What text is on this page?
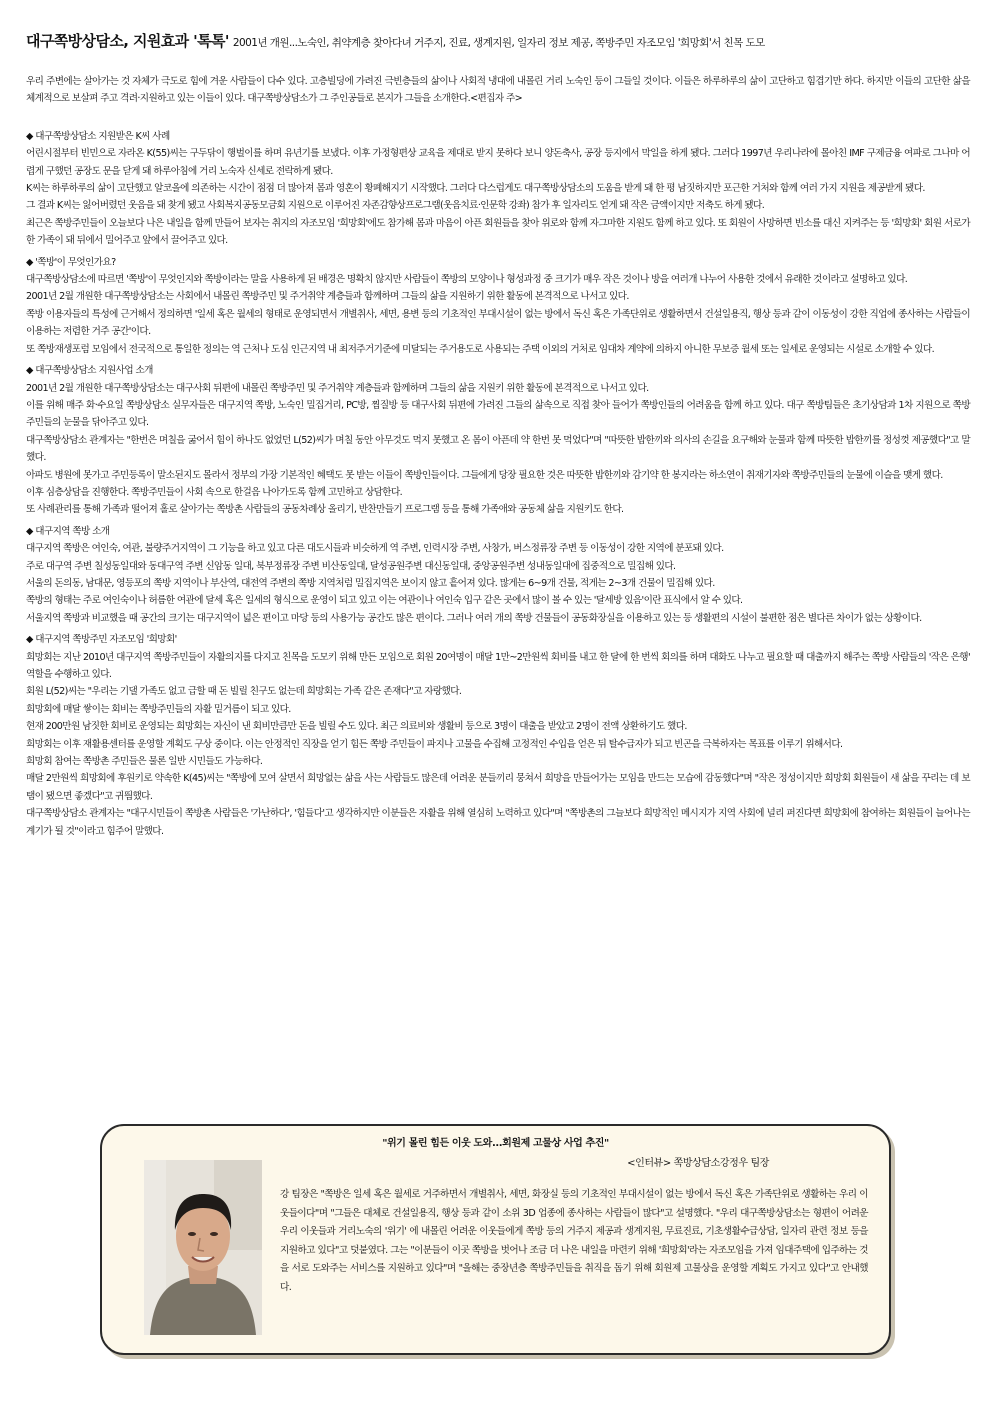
대구쪽방상담소, 지원효과 '톡톡' 2001년 개원...노숙인, 취약계층 찾아다녀 거주지, 진료, 생계지원, 일자리 정보 제공, 쪽방주민 자조모임 '희망회'서 친목 도모

우리 주변에는 살아가는 것 자체가 극도로 힘에 겨운 사람들이 다수 있다. 고층빌딩에 가려진 극빈층들의 삶이나 사회적 냉대에 내몰린 거리 노숙인 등이 그들일 것이다. 이들은 하루하루의 삶이 고단하고 힘겹기만 하다. 하지만 이들의 고단한 삶을 체계적으로 보살펴 주고 격려·지원하고 있는 이들이 있다. 대구쪽방상담소가 그 주인공들로 본지가 그들을 소개한다.<편집자 주>

◆ 대구쪽방상담소 지원받은 K씨 사례

어린시절부터 빈민으로 자라온 K(55)씨는 구두닦이 행벌이를 하며 유년기를 보냈다. 이후 가정형편상 교육을 제대로 받지 못하다 보니 양돈축사, 공장 등지에서 막일을 하게 됐다. 그러다 1997년 우리나라에 몰아친 IMF 구제금융 여파로 그나마 어렵게 구했던 공장도 문을 닫게 돼 하루아침에 거리 노숙자 신세로 전락하게 됐다.

K씨는 하루하루의 삶이 고단했고 알코올에 의존하는 시간이 점점 더 많아져 몸과 영혼이 황폐해지기 시작했다. 그러다 다스럽게도 대구쪽방상담소의 도움을 받게 돼 한 평 남짓하지만 포근한 거처와 함께 여러 가지 지원을 제공받게 됐다.

그 결과 K씨는 잃어버렸던 웃음을 돼 찾게 됐고 사회복지공동모금회 지원으로 이루어진 자존감향상프로그램(웃음치료·인문학 강좌) 참가 후 일자리도 얻게 돼 작은 금액이지만 저축도 하게 됐다.

최근은 쪽방주민들이 오늘보다 나은 내일을 함께 만들어 보자는 취지의 자조모임 '희망회'에도 참가해 몸과 마음이 아픈 회원들을 찾아 위로와 함께 자그마한 지원도 함께 하고 있다. 또 회원이 사망하면 빈소를 대신 지켜주는 등 '희망회' 회원 서로가 한 가족이 돼 뒤에서 밀어주고 앞에서 끌어주고 있다.

◆ '쪽방'이 무엇인가요?

대구쪽방상담소에 따르면 '쪽방'이 무엇인지와 쪽방이라는 말을 사용하게 된 배경은 명확치 않지만 사람들이 쪽방의 모양이나 형성과정 중 크기가 매우 작은 것이나 방을 여러개 나누어 사용한 것에서 유래한 것이라고 설명하고 있다.

2001년 2월 개원한 대구쪽방상담소는 사회에서 내몰린 쪽방주민 및 주거취약 계층들과 함께하며 그들의 삶을 지원하기 위한 활동에 본격적으로 나서고 있다.

쪽방 이용자들의 특성에 근거해서 정의하면 '일세 혹은 월세의 형태로 운영되면서 개별취사, 세면, 용변 등의 기초적인 부대시설이 없는 방에서 독신 혹은 가족단위로 생활하면서 건설일용직, 행상 등과 같이 이동성이 강한 직업에 종사하는 사람들이 이용하는 저렴한 거주 공간'이다.

또 쪽방재생포럼 모임에서 전국적으로 통일한 정의는 역 근처나 도심 인근지역 내 최저주거기준에 미달되는 주거용도로 사용되는 주택 이외의 거처로 임대차 계약에 의하지 아니한 무보증 월세 또는 일세로 운영되는 시설로 소개할 수 있다.

◆ 대구쪽방상담소 지원사업 소개

2001년 2월 개원한 대구쪽방상담소는 대구사회 뒤편에 내몰린 쪽방주민 및 주거취약 계층들과 함께하며 그들의 삶을 지원키 위한 활동에 본격적으로 나서고 있다.

이를 위해 매주 화·수요일 쪽방상담소 실무자들은 대구지역 쪽방, 노숙인 밀집거리, PC방, 찜질방 등 대구사회 뒤편에 가려진 그들의 삶속으로 직접 찾아 들어가 쪽방인들의 어려움을 함께 하고 있다. 대구 쪽방팀들은 초기상담과 1차 지원으로 쪽방주민들의 눈물을 닦아주고 있다.

대구쪽방상담소 관계자는 "한번은 며칠을 굶어서 힘이 하나도 없었던 L(52)씨가 며칠 동안 아무것도 먹지 못했고 온 몸이 아픈데 약 한번 못 먹었다"며 "따뜻한 밥한끼와 의사의 손길을 요구해와 눈물과 함께 따뜻한 밥한끼를 정성껏 제공했다"고 말했다.

아파도 병원에 못가고 주민등록이 말소된지도 몰라서 정부의 가장 기본적인 혜택도 못 받는 이들이 쪽방인들이다. 그들에게 당장 필요한 것은 따뜻한 밥한끼와 감기약 한 봉지라는 하소연이 취재기자와 쪽방주민들의 눈물에 이슬을 맺게 했다.

이후 심층상담을 진행한다. 쪽방주민들이 사회 속으로 한걸음 나아가도록 함께 고민하고 상담한다.

또 사례관리를 통해 가족과 떨어져 홀로 살아가는 쪽방촌 사람들의 공동차례상 올리기, 반찬만들기 프로그램 등을 통해 가족애와 공동체 삶을 지원키도 한다.

◆ 대구지역 쪽방 소개

대구지역 쪽방은 여인숙, 여관, 불량주거지역이 그 기능을 하고 있고 다른 대도시들과 비슷하게 역 주변, 인력시장 주변, 사창가, 버스정류장 주변 등 이동성이 강한 지역에 분포돼 있다.

주로 대구역 주변 칠성동일대와 동대구역 주변 신암동 일대, 북부정류장 주변 비산동일대, 달성공원주변 대신동일대, 중앙공원주변 성내동일대에 집중적으로 밀집해 있다.

서울의 돈의동, 남대문, 영등포의 쪽방 지역이나 부산역, 대전역 주변의 쪽방 지역처럼 밀집지역은 보이지 않고 흩어져 있다. 많게는 6~9개 건물, 적게는 2~3개 건물이 밀집해 있다.

쪽방의 형태는 주로 여인숙이나 허름한 여관에 달세 혹은 일세의 형식으로 운영이 되고 있고 이는 여관이나 여인숙 입구 같은 곳에서 많이 볼 수 있는 '달세방 있음'이란 표식에서 알 수 있다.

서울지역 쪽방과 비교했을 때 공간의 크기는 대구지역이 넓은 편이고 마당 등의 사용가능 공간도 많은 편이다. 그러나 여러 개의 쪽방 건물들이 공동화장실을 이용하고 있는 등 생활편의 시설이 불편한 점은 별다른 차이가 없는 상황이다.

◆ 대구지역 쪽방주민 자조모임 '희망회'

희망회는 지난 2010년 대구지역 쪽방주민들이 자활의지를 다지고 친목을 도모키 위해 만든 모임으로 회원 20여명이 매달 1만~2만원씩 회비를 내고 한 달에 한 번씩 회의를 하며 대화도 나누고 필요할 때 대출까지 해주는 쪽방 사람들의 '작은 은행' 역할을 수행하고 있다.

회원 L(52)씨는 "우리는 기댈 가족도 없고 급할 때 돈 빌릴 친구도 없는데 희망회는 가족 같은 존재다"고 자랑했다.

희망회에 매달 쌓이는 회비는 쪽방주민들의 자활 밑거름이 되고 있다.

현재 200만원 남짓한 회비로 운영되는 희망회는 자신이 낸 회비만큼만 돈을 빌릴 수도 있다. 최근 의료비와 생활비 등으로 3명이 대출을 받았고 2명이 전액 상환하기도 했다.

희망회는 이후 재활용센터를 운영할 계획도 구상 중이다. 이는 안정적인 직장을 얻기 힘든 쪽방 주민들이 파지나 고물을 수집해 고정적인 수입을 얻은 뒤 탈수급자가 되고 빈곤을 극복하자는 목표를 이루기 위해서다.

희망회 참여는 쪽방촌 주민들은 물론 일반 시민들도 가능하다.

매달 2만원씩 희망회에 후원키로 약속한 K(45)씨는 "쪽방에 모여 살면서 희망없는 삶을 사는 사람들도 많은데 어려운 분들끼리 뭉쳐서 희망을 만들어가는 모임을 만드는 모습에 감동했다"며 "작은 정성이지만 희망회 회원들이 새 삶을 꾸리는 데 보탬이 됐으면 좋겠다"고 귀띔했다.

대구쪽방상담소 관계자는 "대구시민들이 쪽방촌 사람들은 '가난하다', '힘들다'고 생각하지만 이분들은 자활을 위해 열심히 노력하고 있다"며 "쪽방촌의 그늘보다 희망적인 메시지가 지역 사회에 널리 퍼진다면 희망회에 참여하는 회원들이 늘어나는 계기가 될 것"이라고 힘주어 말했다.

"위기 몰린 힘든 이웃 도와...회원제 고물상 사업 추진"
<인터뷰> 쪽방상담소강정우 팀장
강 팀장은 "쪽방은 일세 혹은 월세로 거주하면서 개별취사, 세면, 화장실 등의 기초적인 부대시설이 없는 방에서 독신 혹은 가족단위로 생활하는 우리 이웃들이다"며 "그들은 대체로 건설일용직, 행상 등과 같이 소위 3D 업종에 종사하는 사람들이 많다"고 설명했다. "우리 대구쪽방상담소는 형편이 어려운 우리 이웃들과 거리노숙의 '위기' 에 내몰린 어려운 이웃들에게 쪽방 등의 거주지 제공과 생계지원, 무료진료, 기초생활수급상담, 일자리 관련 정보 등을 지원하고 있다"고 덧붙였다. 그는 "이분들이 이곳 쪽방을 벗어나 조금 더 나은 내일을 마련키 위해 '희망회'라는 자조모임을 가져 임대주택에 입주하는 것을 서로 도와주는 서비스를 지원하고 있다"며 "올해는 중장년층 쪽방주민들을 취직을 돕기 위해 회원제 고물상을 운영할 계획도 가지고 있다"고 안내했다.
